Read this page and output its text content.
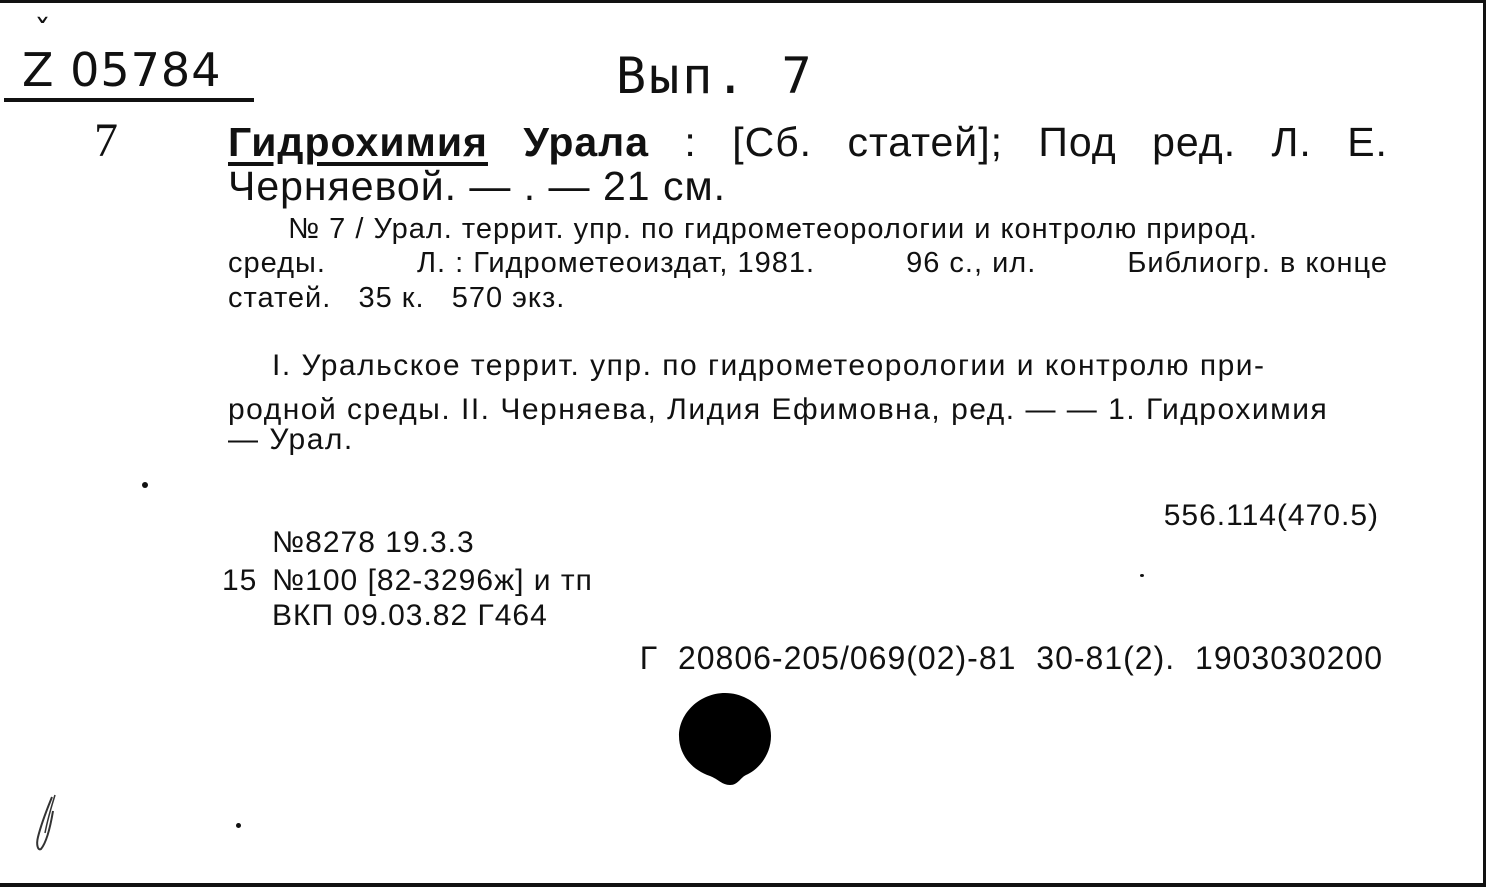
ˇ
Z 05784	Вып. 7
7	Гидрохимия Урала : [Сб. статей]; Под ред. Л. Е.
Черняевой. — . — 21 см.
№ 7 / Урал. террит. упр. по гидрометеорологии и контролю природ.
среды.	Л. : Гидрометеоиздат, 1981.	96 с., ил.	Библиогр. в конце
статей.   35 к.   570 экз.
I. Уральское террит. упр. по гидрометеорологии и контролю при-
родной среды. II. Черняева, Лидия Ефимовна, ред. — — 1. Гидрохимия
— Урал.
556.114(470.5)
№8278 19.3.3
15 №100 [82-3296ж] и тп
ВКП 09.03.82 Г464
Г 20806-205/069(02)-81 30-81(2). 1903030200
